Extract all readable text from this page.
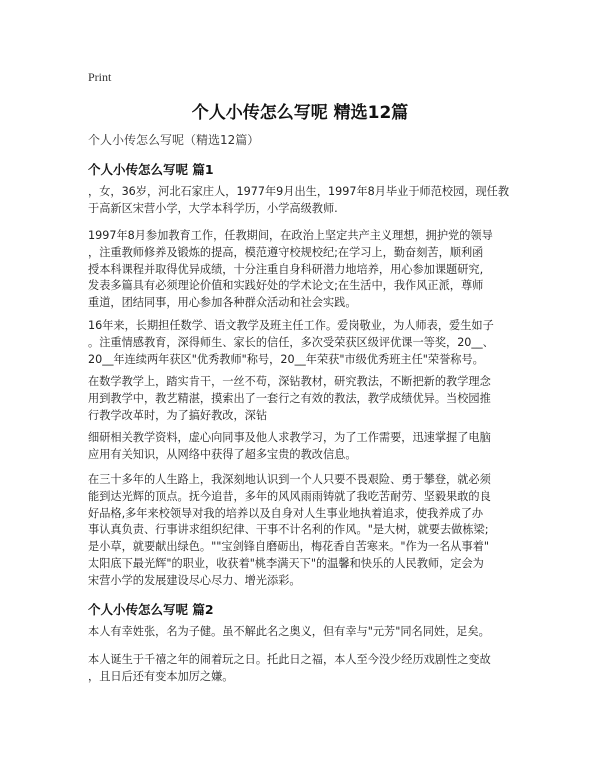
Print
个人小传怎么写呢 精选12篇

个人小传怎么写呢（精选12篇）

个人小传怎么写呢 篇1

，女，36岁，河北石家庄人，1977年9月出生，1997年8月毕业于师范校园，现任教
于高新区宋营小学，大学本科学历，小学高级教师.

1997年8月参加教育工作，任教期间，在政治上坚定共产主义理想，拥护党的领导
，注重教师修养及锻炼的提高，模范遵守校规校纪;在学习上，勤奋刻苦，顺利函
授本科课程并取得优异成绩，十分注重自身科研潜力地培养，用心参加课题研究,
发表多篇具有必须理论价值和实践好处的学术论文;在生活中，我作风正派，尊师
重道，团结同事，用心参加各种群众活动和社会实践。

16年来，长期担任数学、语文教学及班主任工作。爱岗敬业，为人师表，爱生如子
。注重情感教育，深得师生、家长的信任，多次受荣获区级评优课一等奖，20__、
20__年连续两年获区"优秀教师"称号，20__年荣获"市级优秀班主任"荣誉称号。

在数学教学上，踏实肯干，一丝不苟，深钻教材，研究教法，不断把新的教学理念
用到教学中，教艺精湛，摸索出了一套行之有效的教法，教学成绩优异。当校园推
行教学改革时，为了搞好教改，深钻

细研相关教学资料，虚心向同事及他人求教学习，为了工作需要，迅速掌握了电脑
应用有关知识，从网络中获得了超多宝贵的教改信息。

在三十多年的人生路上，我深刻地认识到一个人只要不畏艰险、勇于攀登，就必须
能到达光辉的顶点。抚今追昔，多年的风风雨雨铸就了我吃苦耐劳、坚毅果敢的良
好品格,多年来校领导对我的培养以及自身对人生事业地执着追求，使我养成了办
事认真负责、行事讲求组织纪律、干事不计名利的作风。"是大树，就要去做栋梁;
是小草，就要献出绿色。""宝剑锋自磨砺出，梅花香自苦寒来。"作为一名从事着"
太阳底下最光辉"的职业，收获着"桃李满天下"的温馨和快乐的人民教师，定会为
宋营小学的发展建设尽心尽力、增光添彩。

个人小传怎么写呢 篇2

本人有幸姓张，名为子健。虽不解此名之奥义，但有幸与"元芳"同名同姓，足矣。

本人诞生于千禧之年的闹着玩之日。托此日之福，本人至今没少经历戏剧性之变故
，且日后还有变本加厉之嫌。
